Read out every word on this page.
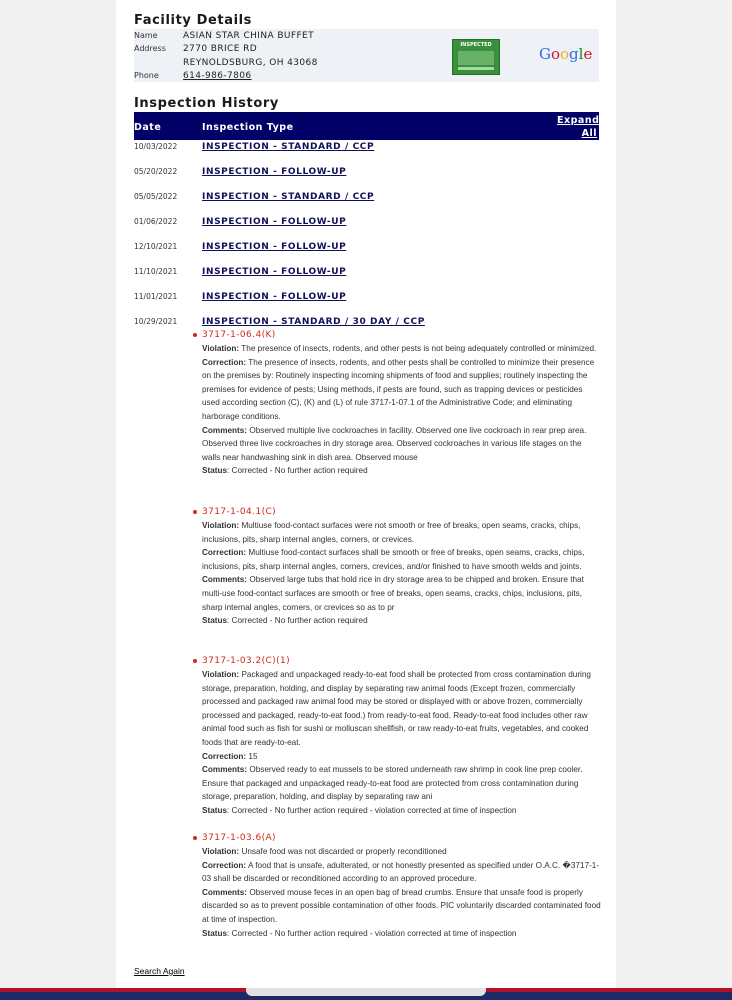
Facility Details
Name	ASIAN STAR CHINA BUFFET
Address 2770 BRICE RD
REYNOLDSBURG, OH 43068
Phone	614-986-7806
INSPECTED	Google
Inspection History
Date	Inspection Type
Expand
All
10/03/2022	INSPECTION - STANDARD / CCP
05/20/2022	INSPECTION - FOLLOW-UP
05/05/2022	INSPECTION - STANDARD / CCP
01/06/2022	INSPECTION - FOLLOW-UP
12/10/2021	INSPECTION - FOLLOW-UP
11/10/2021	INSPECTION - FOLLOW-UP
11/01/2021	INSPECTION - FOLLOW-UP
10/29/2021	INSPECTION - STANDARD / 30 DAY / CCP
3717-1-06.4(K)
Violation: The presence of insects, rodents, and other pests is not being adequately controlled or minimized.
Correction: The presence of insects, rodents, and other pests shall be controlled to minimize their presence on the premises by: Routinely inspecting incoming shipments of food and supplies; routinely inspecting the premises for evidence of pests; Using methods, if pests are found, such as trapping devices or pesticides used according section (C), (K) and (L) of rule 3717-1-07.1 of the Administrative Code; and eliminating harborage conditions.
Comments: Observed multiple live cockroaches in facility. Observed one live cockroach in rear prep area. Observed three live cockroaches in dry storage area. Observed cockroaches in various life stages on the walls near handwashing sink in dish area. Observed mouse
Status: Corrected - No further action required
3717-1-04.1(C)
Violation: Multiuse food-contact surfaces were not smooth or free of breaks, open seams, cracks, chips, inclusions, pits, sharp internal angles, corners, or crevices.
Correction: Multiuse food-contact surfaces shall be smooth or free of breaks, open seams, cracks, chips, inclusions, pits, sharp internal angles, corners, crevices, and/or finished to have smooth welds and joints.
Comments: Observed large tubs that hold rice in dry storage area to be chipped and broken. Ensure that multi-use food-contact surfaces are smooth or free of breaks, open seams, cracks, chips, inclusions, pits, sharp internal angles, corners, or crevices so as to pr
Status: Corrected - No further action required
3717-1-03.2(C)(1)
Violation: Packaged and unpackaged ready-to-eat food shall be protected from cross contamination during storage, preparation, holding, and display by separating raw animal foods (Except frozen, commercially processed and packaged raw animal food may be stored or displayed with or above frozen, commercially processed and packaged, ready-to-eat food.) from ready-to-eat food. Ready-to-eat food includes other raw animal food such as fish for sushi or molluscan shellfish, or raw ready-to-eat fruits, vegetables, and cooked foods that are ready-to-eat.
Correction: 15
Comments: Observed ready to eat mussels to be stored underneath raw shrimp in cook line prep cooler. Ensure that packaged and unpackaged ready-to-eat food are protected from cross contamination during storage, preparation, holding, and display by separating raw ani
Status: Corrected - No further action required - violation corrected at time of inspection
3717-1-03.6(A)
Violation: Unsafe food was not discarded or properly reconditioned
Correction: A food that is unsafe, adulterated, or not honestly presented as specified under O.A.C. �3717-1-03 shall be discarded or reconditioned according to an approved procedure.
Comments: Observed mouse feces in an open bag of bread crumbs. Ensure that unsafe food is properly discarded so as to prevent possible contamination of other foods. PIC voluntarily discarded contaminated food at time of inspection.
Status: Corrected - No further action required - violation corrected at time of inspection
Search Again
